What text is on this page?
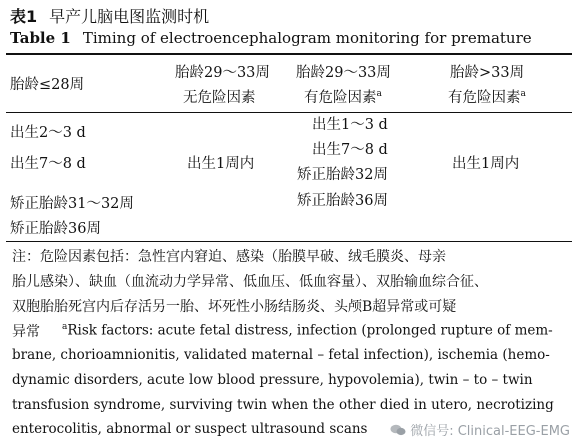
表1 早产儿脑电图监测时机
Table 1 Timing of electroencephalogram monitoring for premature
胎龄≤28周
胎龄29～33周
无危险因素
胎龄29～33周
有危险因素$^a$
胎龄>33周
有危险因素$^a$
出生2～3 d
出生7～8 d
矫正胎龄31～32周
矫正胎龄36周
出生1周内
出生1～3 d
出生7～8 d
矫正胎龄32周
矫正胎龄36周
出生1周内
注：危险因素包括：急性宫内窘迫、感染（胎膜早破、绒毛膜炎、母亲
胎儿感染）、缺血（血流动力学异常、低血压、低血容量）、双胎输血综合征、
双胞胎胎死宫内后存活另一胎、坏死性小肠结肠炎、头颅B超异常或可疑
异常 $^a$Risk factors: acute fetal distress, infection (prolonged rupture of mem-
brane, chorioamnionitis, validated maternal – fetal infection), ischemia (hemo-
dynamic disorders, acute low blood pressure, hypovolemia), twin – to – twin
transfusion syndrome, surviving twin when the other died in utero, necrotizing
enterocolitis, abnormal or suspect ultrasound scans	微信号: Clinical-EEG-EMG
